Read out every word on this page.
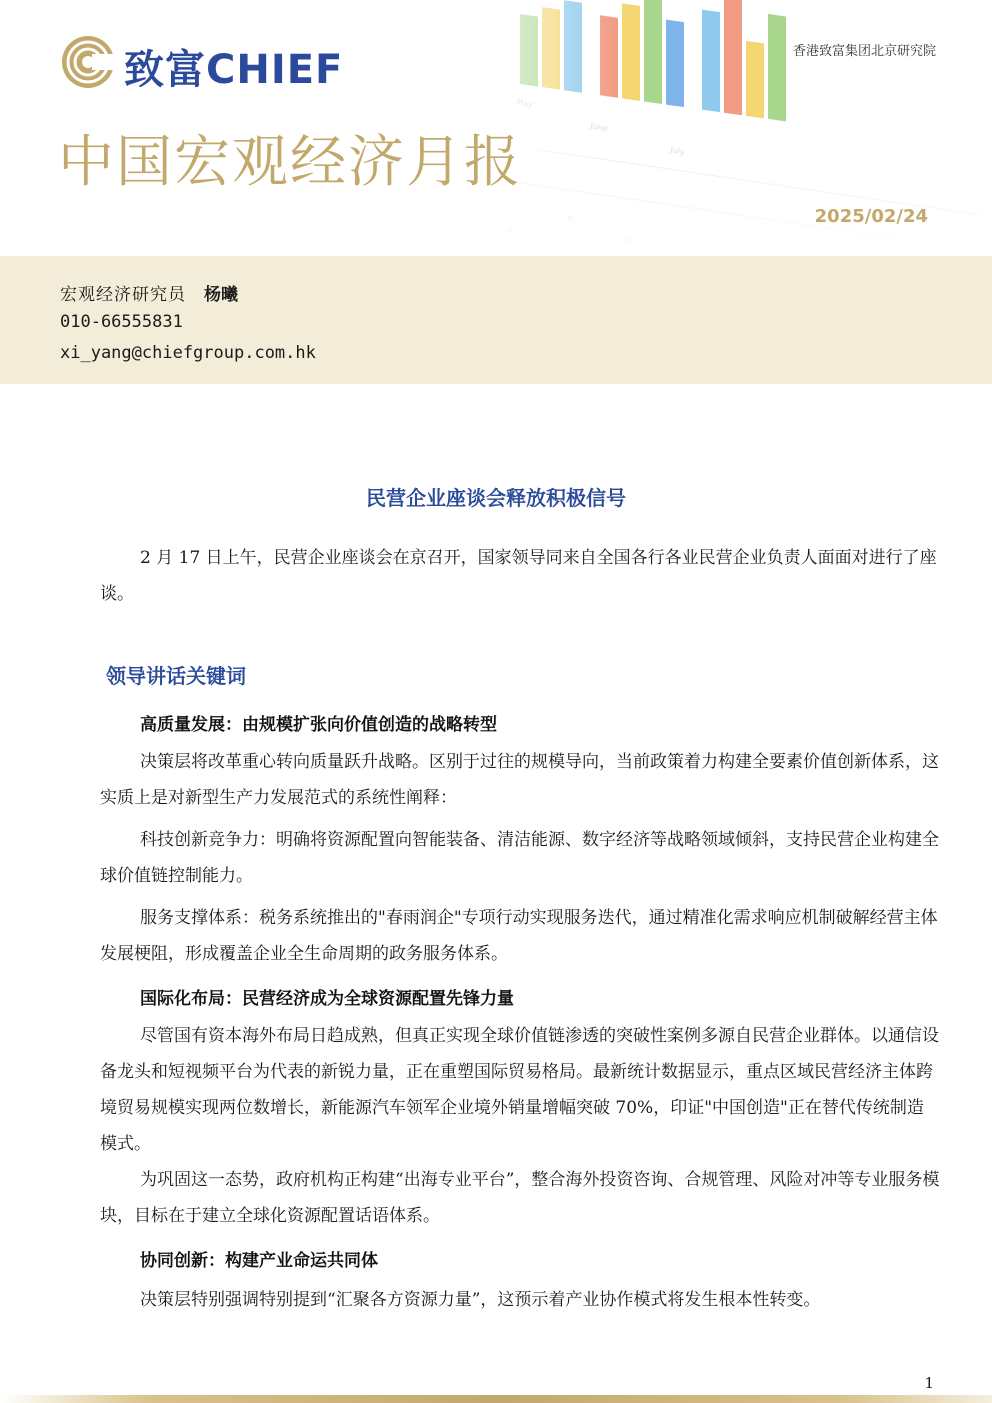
致富CHIEF	香港致富集团北京研究院
中国宏观经济月报
2025/02/24
宏观经济研究员 杨曦
010-66555831
xi_yang@chiefgroup.com.hk
民营企业座谈会释放积极信号
2 月 17 日上午，民营企业座谈会在京召开，国家领导同来自全国各行各业民营企业负责人面面对进行了座谈。
领导讲话关键词
高质量发展：由规模扩张向价值创造的战略转型
决策层将改革重心转向质量跃升战略。区别于过往的规模导向，当前政策着力构建全要素价值创新体系，这实质上是对新型生产力发展范式的系统性阐释：
科技创新竞争力：明确将资源配置向智能装备、清洁能源、数字经济等战略领域倾斜，支持民营企业构建全球价值链控制能力。
服务支撑体系：税务系统推出的"春雨润企"专项行动实现服务迭代，通过精准化需求响应机制破解经营主体发展梗阻，形成覆盖企业全生命周期的政务服务体系。
国际化布局：民营经济成为全球资源配置先锋力量
尽管国有资本海外布局日趋成熟，但真正实现全球价值链渗透的突破性案例多源自民营企业群体。以通信设备龙头和短视频平台为代表的新锐力量，正在重塑国际贸易格局。最新统计数据显示，重点区域民营经济主体跨境贸易规模实现两位数增长，新能源汽车领军企业境外销量增幅突破 70%，印证"中国创造"正在替代传统制造模式。
为巩固这一态势，政府机构正构建“出海专业平台”，整合海外投资咨询、合规管理、风险对冲等专业服务模块，目标在于建立全球化资源配置话语体系。
协同创新：构建产业命运共同体
决策层特别强调特别提到“汇聚各方资源力量”，这预示着产业协作模式将发生根本性转变。
1
